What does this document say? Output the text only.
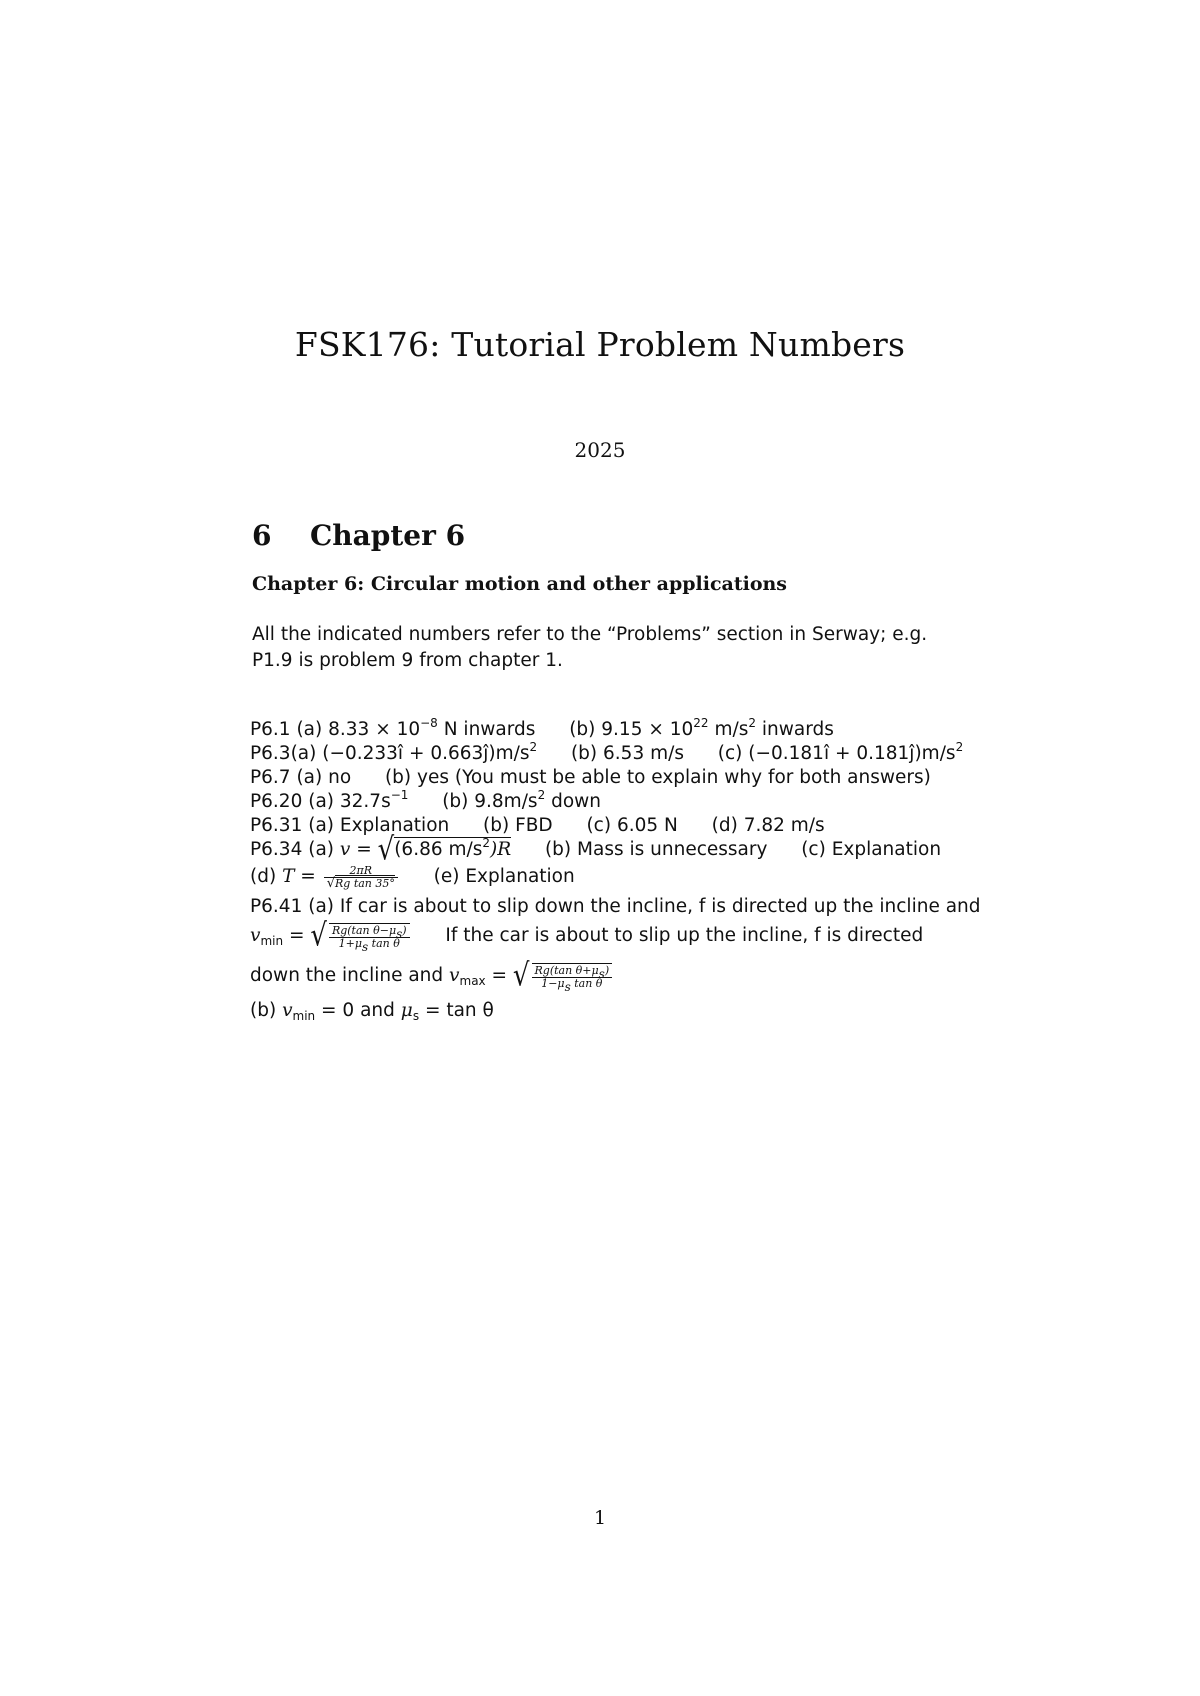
FSK176: Tutorial Problem Numbers
2025
6 Chapter 6
Chapter 6: Circular motion and other applications
All the indicated numbers refer to the “Problems” section in Serway; e.g. P1.9 is problem 9 from chapter 1.
P6.1 (a) $8.33 \times 10^{-8}$ N inwards (b) $9.15 \times 10^{22}$ $m/s^2$ inwards
P6.3(a) (−0.233î + $0.663ĵ)m/s^2$ (b) 6.53 m/s (c) (−0.181î + $0.181ĵ)m/s^2$
P6.7 (a) no (b) yes (You must be able to explain why for both answers)
P6.20 (a) $32.7s^{-1}$ (b) $9.8m/s^2$ down
P6.31 (a) Explanation (b) FBD (c) 6.05 N (d) 7.82 m/s
P6.34 (a) v = √(6.86 $m/s^2)R$ (b) Mass is unnecessary (c) Explanation
(d) $T = \frac{2\pi R}{\text{√Rg tan 35°}} (e)$ Explanation
P6.41 (a) If car is about to slip down the incline, f is directed up the incline and
$v_{min}$ = √ $\frac{Rg(\tan \theta-\mu_s)}{1+\mu_s \tan \theta}$ If the car is about to slip up the incline, f is directed
down the incline and $v_{max}$ = √ $\frac{Rg(\tan \theta+\mu_s)}{1-\mu_s \tan \theta}$
(b) $v_{min} = 0$ and $\mu_s = \tan \theta$
1
